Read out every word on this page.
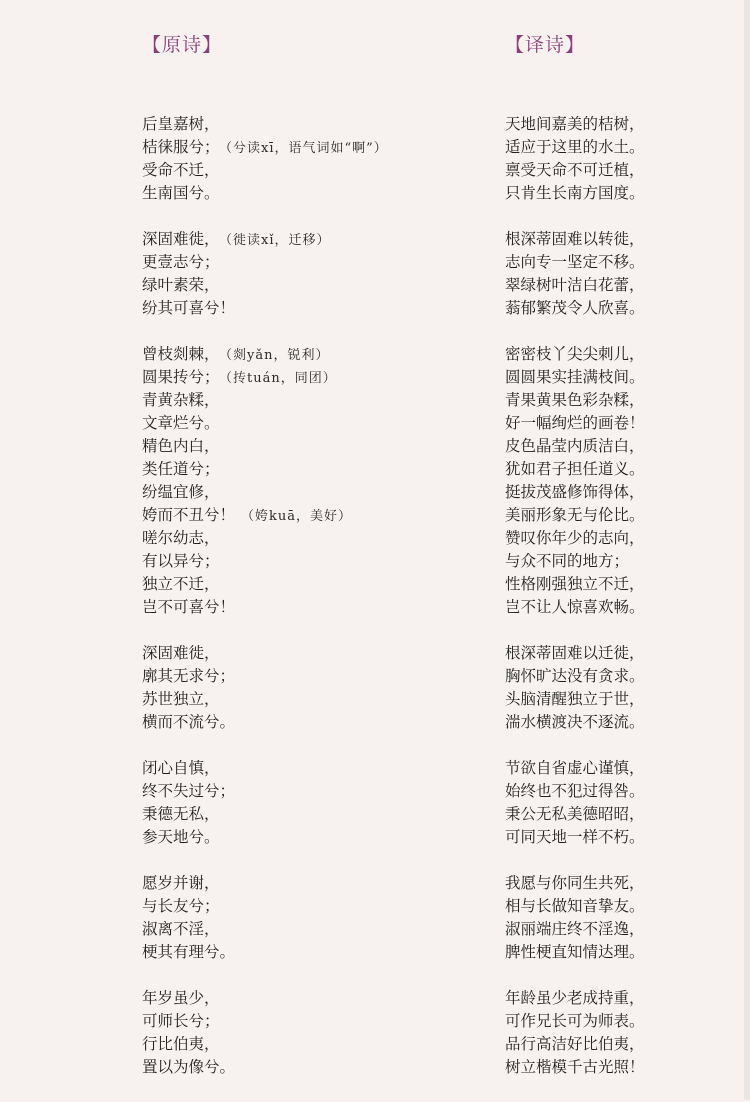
【原诗】
后皇嘉树，
桔徕服兮； （兮读xī，语气词如“啊”）
受命不迁，
生南国兮。
深固难徙， （徙读xǐ，迁移）
更壹志兮；
绿叶素荣，
纷其可喜兮！
曾枝剡棘， （剡yǎn，锐利）
圆果抟兮； （抟tuán，同团）
青黄杂糅，
文章烂兮。
精色内白，
类任道兮；
纷缊宜修，
姱而不丑兮！ （姱kuā，美好）
嗟尔幼志，
有以异兮；
独立不迁，
岂不可喜兮！
深固难徙，
廓其无求兮；
苏世独立，
横而不流兮。
闭心自慎，
终不失过兮；
秉德无私，
参天地兮。
愿岁并谢，
与长友兮；
淑离不淫，
梗其有理兮。
年岁虽少，
可师长兮；
行比伯夷，
置以为像兮。
【译诗】
天地间嘉美的桔树，
适应于这里的水土。
禀受天命不可迁植，
只肯生长南方国度。
根深蒂固难以转徙，
志向专一坚定不移。
翠绿树叶洁白花蕾，
蓊郁繁茂令人欣喜。
密密枝丫尖尖刺儿，
圆圆果实挂满枝间。
青果黄果色彩杂糅，
好一幅绚烂的画卷！
皮色晶莹内质洁白，
犹如君子担任道义。
挺拔茂盛修饰得体，
美丽形象无与伦比。
赞叹你年少的志向，
与众不同的地方；
性格刚强独立不迁，
岂不让人惊喜欢畅。
根深蒂固难以迁徙，
胸怀旷达没有贪求。
头脑清醒独立于世，
湍水横渡决不逐流。
节欲自省虚心谨慎，
始终也不犯过得咎。
秉公无私美德昭昭，
可同天地一样不朽。
我愿与你同生共死，
相与长做知音挚友。
淑丽端庄终不淫逸，
脾性梗直知情达理。
年龄虽少老成持重，
可作兄长可为师表。
品行高洁好比伯夷，
树立楷模千古光照！
